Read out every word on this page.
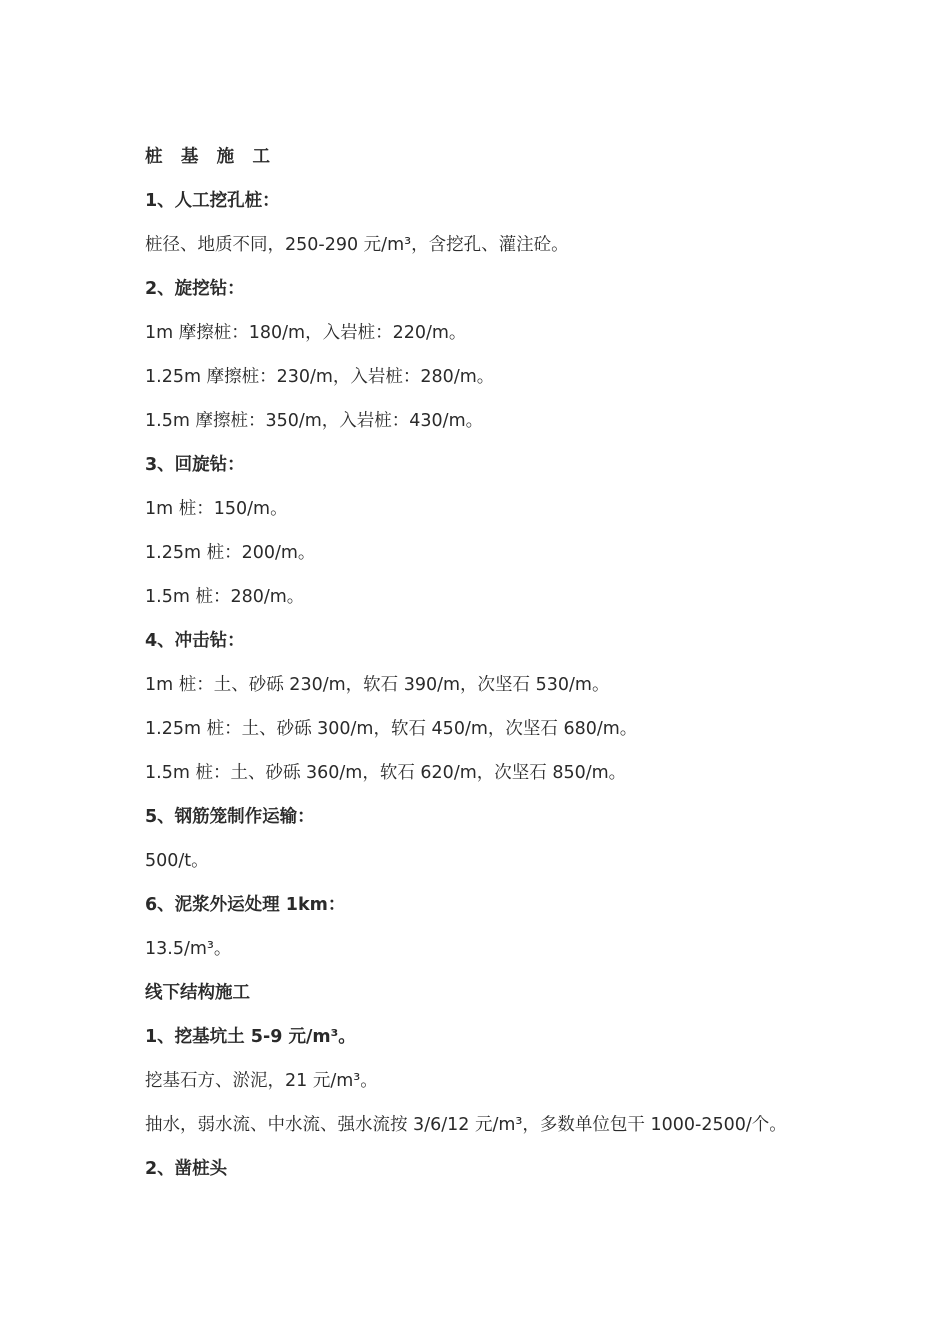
桩 基 施 工
1、人工挖孔桩：
桩径、地质不同，250-290 元/m³，含挖孔、灌注砼。
2、旋挖钻：
1m 摩擦桩：180/m，入岩桩：220/m。
1.25m 摩擦桩：230/m，入岩桩：280/m。
1.5m 摩擦桩：350/m，入岩桩：430/m。
3、回旋钻：
1m 桩：150/m。
1.25m 桩：200/m。
1.5m 桩：280/m。
4、冲击钻：
1m 桩：土、砂砾 230/m，软石 390/m，次坚石 530/m。
1.25m 桩：土、砂砾 300/m，软石 450/m，次坚石 680/m。
1.5m 桩：土、砂砾 360/m，软石 620/m，次坚石 850/m。
5、钢筋笼制作运输：
500/t。
6、泥浆外运处理 1km：
13.5/m³。
线下结构施工
1、挖基坑土 5-9 元/m³。
挖基石方、淤泥，21 元/m³。
抽水，弱水流、中水流、强水流按 3/6/12 元/m³，多数单位包干 1000-2500/个。
2、凿桩头
